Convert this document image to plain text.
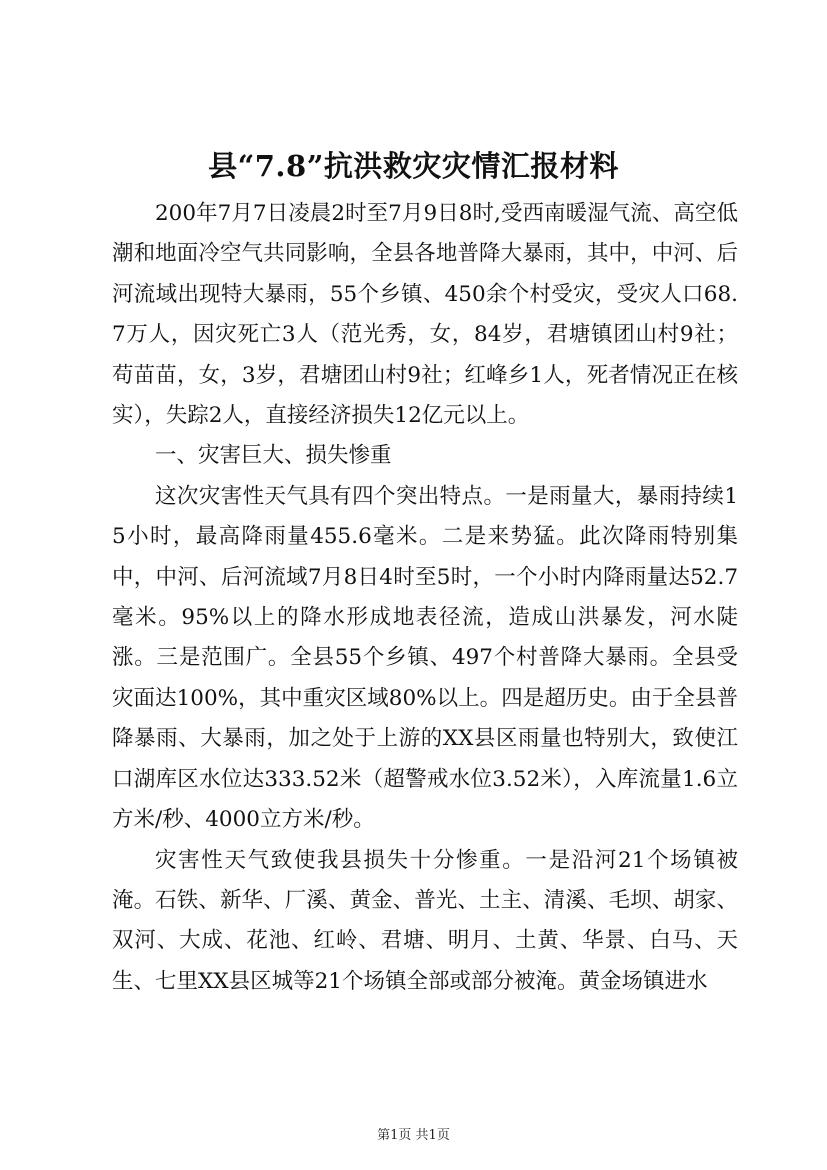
县“7.8”抗洪救灾灾情汇报材料

200年7月7日凌晨2时至7月9日8时,受西南暖湿气流、高空低潮和地面冷空气共同影响，全县各地普降大暴雨，其中，中河、后河流域出现特大暴雨，55个乡镇、450余个村受灾，受灾人口68.7万人，因灾死亡3人（范光秀，女，84岁，君塘镇团山村9社；苟苗苗，女，3岁，君塘团山村9社；红峰乡1人，死者情况正在核实），失踪2人，直接经济损失12亿元以上。

一、灾害巨大、损失惨重

这次灾害性天气具有四个突出特点。一是雨量大，暴雨持续15小时，最高降雨量455.6毫米。二是来势猛。此次降雨特别集中，中河、后河流域7月8日4时至5时，一个小时内降雨量达52.7毫米。95%以上的降水形成地表径流，造成山洪暴发，河水陡涨。三是范围广。全县55个乡镇、497个村普降大暴雨。全县受灾面达100%，其中重灾区域80%以上。四是超历史。由于全县普降暴雨、大暴雨，加之处于上游的XX县区雨量也特别大，致使江口湖库区水位达333.52米（超警戒水位3.52米），入库流量1.6立方米/秒、4000立方米/秒。

灾害性天气致使我县损失十分惨重。一是沿河21个场镇被淹。石铁、新华、厂溪、黄金、普光、土主、清溪、毛坝、胡家、双河、大成、花池、红岭、君塘、明月、土黄、华景、白马、天生、七里XX县区城等21个场镇全部或部分被淹。黄金场镇进水

第1页 共1页
